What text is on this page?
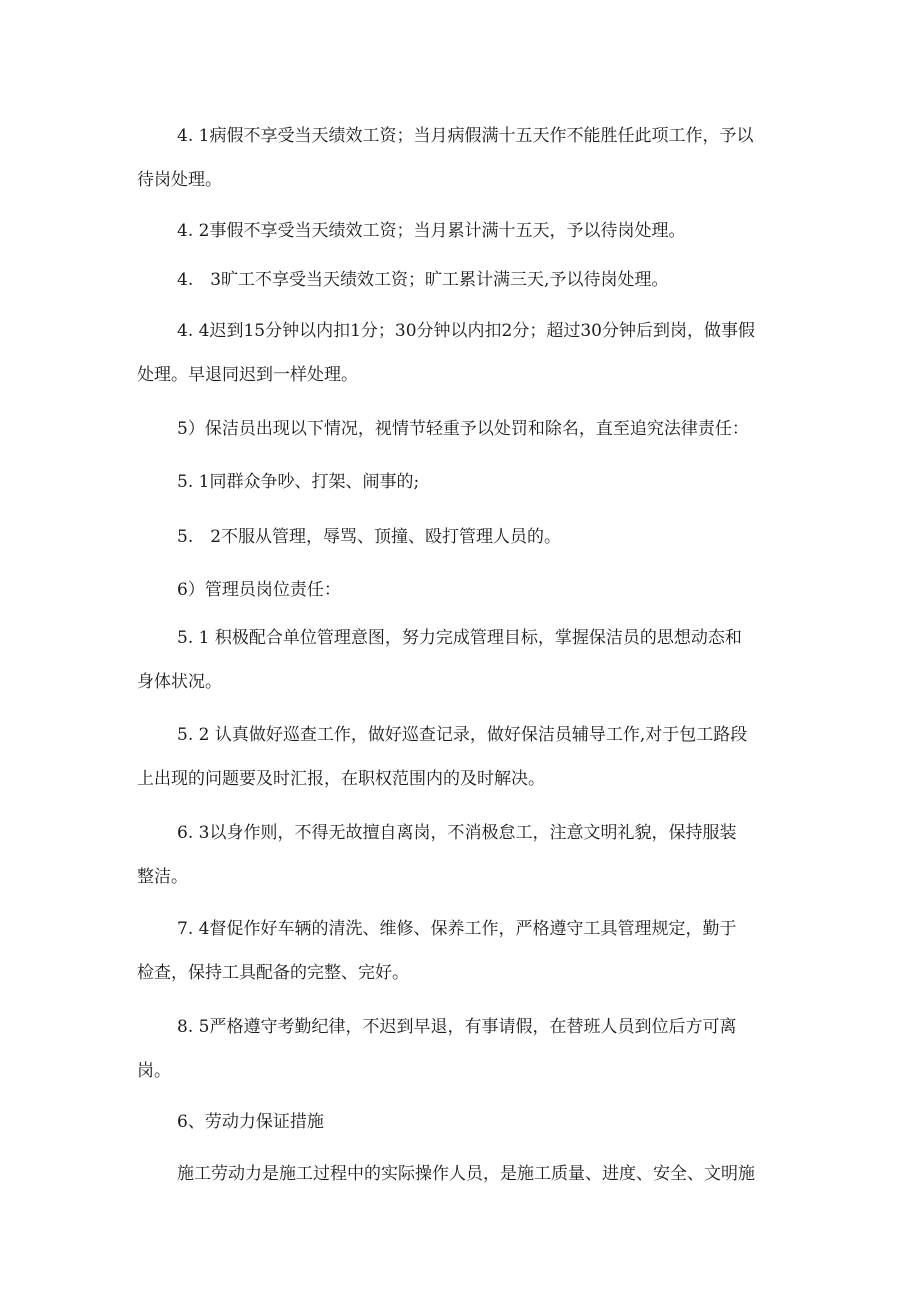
4. 1病假不享受当天绩效工资；当月病假满十五天作不能胜任此项工作，予以
待岗处理。

4. 2事假不享受当天绩效工资；当月累计满十五天，予以待岗处理。

4.　3旷工不享受当天绩效工资；旷工累计满三天,予以待岗处理。

4. 4迟到15分钟以内扣1分；30分钟以内扣2分；超过30分钟后到岗，做事假
处理。早退同迟到一样处理。

5）保洁员出现以下情况，视情节轻重予以处罚和除名，直至追究法律责任：

5. 1同群众争吵、打架、闹事的;

5.　2不服从管理，辱骂、顶撞、殴打管理人员的。

6）管理员岗位责任：

5. 1 积极配合单位管理意图，努力完成管理目标，掌握保洁员的思想动态和
身体状况。

5. 2 认真做好巡查工作，做好巡查记录，做好保洁员辅导工作,对于包工路段
上出现的问题要及时汇报，在职权范围内的及时解决。

6. 3以身作则，不得无故擅自离岗，不消极怠工，注意文明礼貌，保持服装
整洁。

7. 4督促作好车辆的清洗、维修、保养工作，严格遵守工具管理规定，勤于
检查，保持工具配备的完整、完好。

8. 5严格遵守考勤纪律，不迟到早退，有事请假，在替班人员到位后方可离
岗。

6、劳动力保证措施

施工劳动力是施工过程中的实际操作人员，是施工质量、进度、安全、文明施
